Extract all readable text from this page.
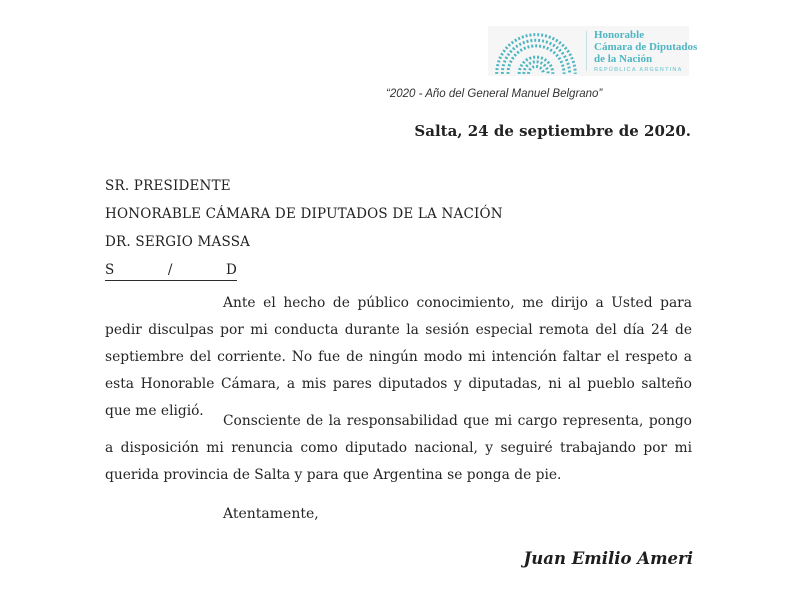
Honorable
Cámara de Diputados
de la Nación
REPÚBLICA ARGENTINA
“2020 - Año del General Manuel Belgrano”
Salta, 24 de septiembre de 2020.
SR. PRESIDENTE
HONORABLE CÁMARA DE DIPUTADOS DE LA NACIÓN
DR. SERGIO MASSA
S	/	D

Ante el hecho de público conocimiento, me dirijo a Usted para pedir disculpas por mi conducta durante la sesión especial remota del día 24 de septiembre del corriente. No fue de ningún modo mi intención faltar el respeto a esta Honorable Cámara, a mis pares diputados y diputadas, ni al pueblo salteño que me eligió.

Consciente de la responsabilidad que mi cargo representa, pongo a disposición mi renuncia como diputado nacional, y seguiré trabajando por mi querida provincia de Salta y para que Argentina se ponga de pie.

Atentamente,
Juan Emilio Ameri
